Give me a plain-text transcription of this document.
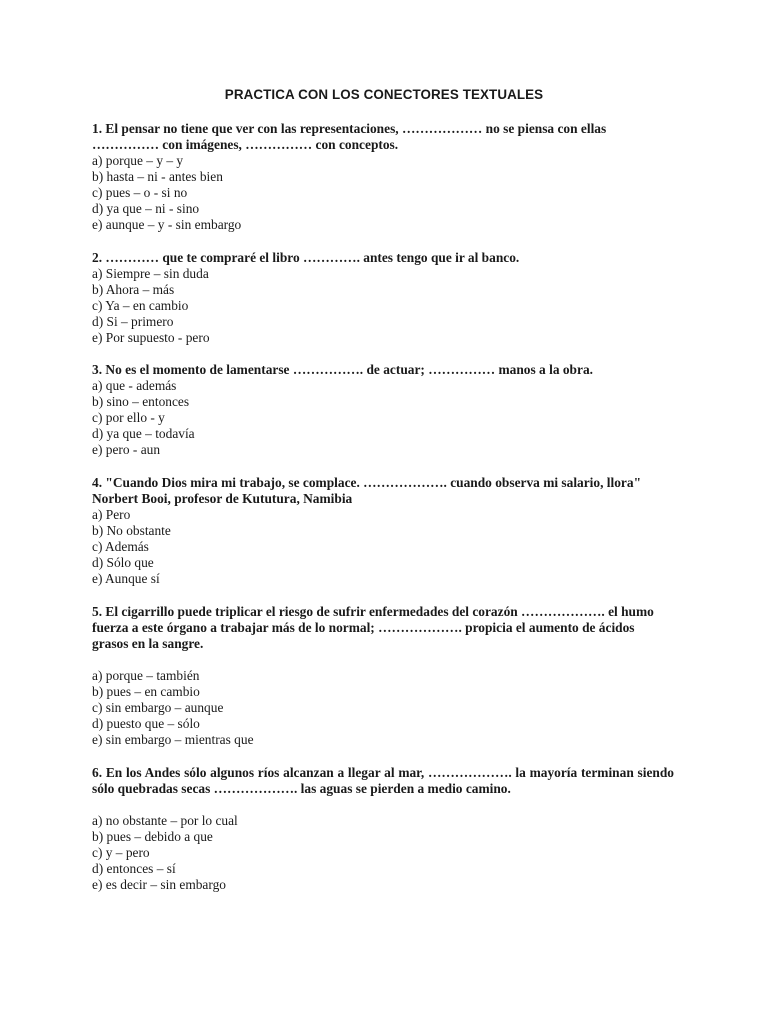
PRACTICA CON LOS CONECTORES TEXTUALES

1. El pensar no tiene que ver con las representaciones, ……………… no se piensa con ellas …………… con imágenes, …………… con conceptos.

a) porque – y – y
b) hasta – ni - antes bien
c) pues – o - si no
d) ya que – ni - sino
e) aunque – y - sin embargo

2. ………… que te compraré el libro …………. antes tengo que ir al banco.

a) Siempre – sin duda
b) Ahora – más
c) Ya – en cambio
d) Si – primero
e) Por supuesto - pero

3. No es el momento de lamentarse ……………. de actuar; …………… manos a la obra.

a) que - además
b) sino – entonces
c) por ello - y
d) ya que – todavía
e) pero - aun

4. "Cuando Dios mira mi trabajo, se complace. ………………. cuando observa mi salario, llora" Norbert Booi, profesor de Kututura, Namibia

a) Pero
b) No obstante
c) Además
d) Sólo que
e) Aunque sí

5. El cigarrillo puede triplicar el riesgo de sufrir enfermedades del corazón ………………. el humo fuerza a este órgano a trabajar más de lo normal; ………………. propicia el aumento de ácidos grasos en la sangre.

a) porque – también
b) pues – en cambio
c) sin embargo – aunque
d) puesto que – sólo
e) sin embargo – mientras que

6. En los Andes sólo algunos ríos alcanzan a llegar al mar, ………………. la mayoría terminan siendo sólo quebradas secas ………………. las aguas se pierden a medio camino.

a) no obstante – por lo cual
b) pues – debido a que
c) y – pero
d) entonces – sí
e) es decir – sin embargo
